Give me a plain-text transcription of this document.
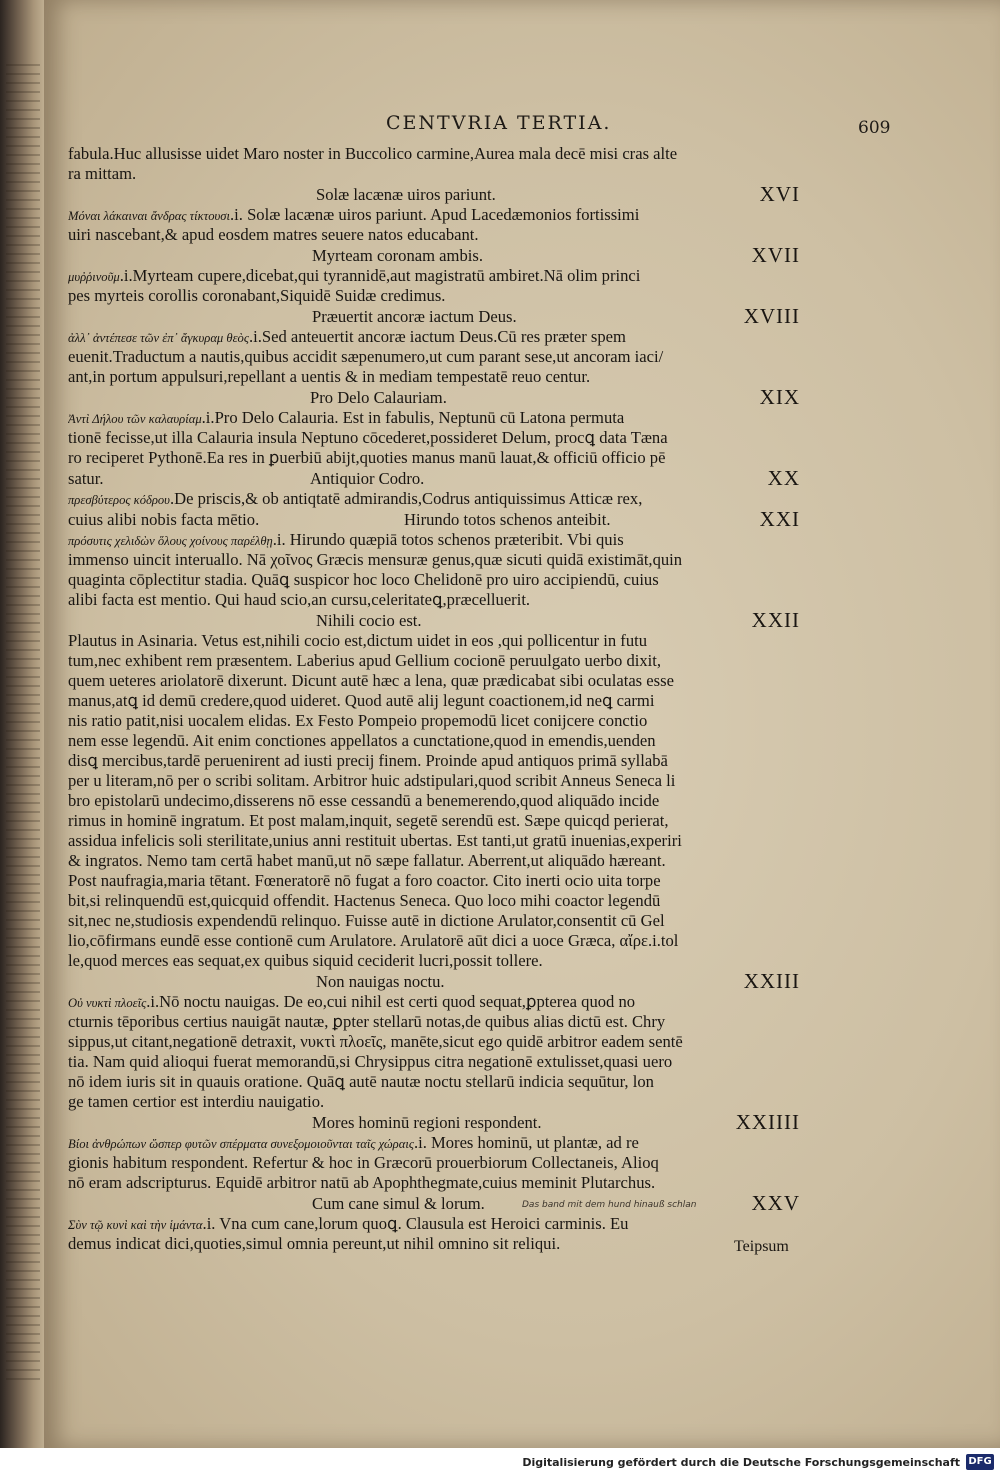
CENTVRIA TERTIA.	609
fabula.Huc allusisse uidet Maro noster in Buccolico carmine,Aurea mala decē misi cras alte
ra mittam.
Solæ lacænæ uiros pariunt.	XVI
Μόναι λάκαιναι ἄνδρας τίκτουσι.i. Solæ lacænæ uiros pariunt. Apud Lacedæmonios fortissimi
uiri nascebant,& apud eosdem matres seuere natos educabant.
Myrteam coronam ambis.	XVII
μυῤῥινοῦμ.i.Myrteam cupere,dicebat,qui tyrannidē,aut magistratū ambiret.Nā olim princi
pes myrteis corollis coronabant,Siquidē Suidæ credimus.
Præuertit ancoræ iactum Deus.	XVIII
ἀλλ᾽ ἀντέπεσε τῶν ἐπ᾽ ἄγκυραμ θεὸς.i.Sed anteuertit ancoræ iactum Deus.Cū res præter spem
euenit.Traductum a nautis,quibus accidit sæpenumero,ut cum parant sese,ut ancoram iaci/
ant,in portum appulsuri,repellant a uentis & in mediam tempestatē reuo centur.
Pro Delo Calauriam.	XIX
Ἀντὶ Δήλου τῶν καλαυρίαμ.i.Pro Delo Calauria. Est in fabulis, Neptunū cū Latona permuta
tionē fecisse,ut illa Calauria insula Neptuno cōcederet,possideret Delum, procꝗ data Tæna
ro reciperet Pythonē.Ea res in ꝑuerbiū abijt,quoties manus manū lauat,& officiū officio pē
satur.	Antiquior Codro.	XX
πρεσβύτερος κόδρου.De priscis,& ob antiqtatē admirandis,Codrus antiquissimus Atticæ rex,
cuius alibi nobis facta mētio.	Hirundo totos schenos anteibit.	XXI
πρόσυτις χελιδὼν ὅλους χοίνους παρέλθῃ.i. Hirundo quæpiā totos schenos præteribit. Vbi quis
immenso uincit interuallo. Nā χοῖνος Græcis mensuræ genus,quæ sicuti quidā existimāt,quin
quaginta cōplectitur stadia. Quāꝗ suspicor hoc loco Chelidonē pro uiro accipiendū, cuius
alibi facta est mentio. Qui haud scio,an cursu,celeritateꝗ,præcelluerit.
Nihili cocio est.	XXII
Plautus in Asinaria. Vetus est,nihili cocio est,dictum uidet in eos ,qui pollicentur in futu
tum,nec exhibent rem præsentem. Laberius apud Gellium cocionē peruulgato uerbo dixit,
quem ueteres ariolatorē dixerunt. Dicunt autē hæc a lena, quæ prædicabat sibi oculatas esse
manus,atꝗ id demū credere,quod uideret. Quod autē alij legunt coactionem,id neꝗ carmi
nis ratio patit,nisi uocalem elidas. Ex Festo Pompeio propemodū licet conijcere conctio
nem esse legendū. Ait enim conctiones appellatos a cunctatione,quod in emendis,uenden
disꝗ mercibus,tardē peruenirent ad iusti precij finem. Proinde apud antiquos primā syllabā
per u literam,nō per o scribi solitam. Arbitror huic adstipulari,quod scribit Anneus Seneca li
bro epistolarū undecimo,disserens nō esse cessandū a benemerendo,quod aliquādo incide
rimus in hominē ingratum. Et post malam,inquit, segetē serendū est. Sæpe quicqd perierat,
assidua infelicis soli sterilitate,unius anni restituit ubertas. Est tanti,ut gratū inuenias,experiri
& ingratos. Nemo tam certā habet manū,ut nō sæpe fallatur. Aberrent,ut aliquādo hæreant.
Post naufragia,maria tētant. Fœneratorē nō fugat a foro coactor. Cito inerti ocio uita torpe
bit,si relinquendū est,quicquid offendit. Hactenus Seneca. Quo loco mihi coactor legendū
sit,nec ne,studiosis expendendū relinquo. Fuisse autē in dictione Arulator,consentit cū Gel
lio,cōfirmans eundē esse contionē cum Arulatore. Arulatorē aūt dici a uoce Græca, αἴρε.i.tol
le,quod merces eas sequat,ex quibus siquid ceciderit lucri,possit tollere.
Non nauigas noctu.	XXIII
Οὐ νυκτὶ πλοεῖς.i.Nō noctu nauigas. De eo,cui nihil est certi quod sequat,ꝑpterea quod no
cturnis tēporibus certius nauigāt nautæ, ꝑpter stellarū notas,de quibus alias dictū est. Chry
sippus,ut citant,negationē detraxit, νυκτὶ πλοεῖς, manēte,sicut ego quidē arbitror eadem sentē
tia. Nam quid alioqui fuerat memorandū,si Chrysippus citra negationē extulisset,quasi uero
nō idem iuris sit in quauis oratione. Quāꝗ autē nautæ noctu stellarū indicia sequūtur, lon
ge tamen certior est interdiu nauigatio.
Mores hominū regioni respondent.	XXIIII
Βίοι ἀνθρώπων ὥσπερ φυτῶν σπέρματα συνεξομοιοῦνται ταῖς χώραις.i. Mores hominū, ut plantæ, ad re
gionis habitum respondent. Refertur & hoc in Græcorū prouerbiorum Collectaneis, Alioq
nō eram adscripturus. Equidē arbitror natū ab Apophthegmate,cuius meminit Plutarchus.
Cum cane simul & lorum.	Das band mit dem hund hinauß schlan	XXV
Σὺν τῷ κυνὶ καὶ τὴν ἱμάντα.i. Vna cum cane,lorum quoꝗ. Clausula est Heroici carminis. Eu
demus indicat dici,quoties,simul omnia pereunt,ut nihil omnino sit reliqui.	Teipsum
Digitalisierung gefördert durch die Deutsche Forschungsgemeinschaft DFG
